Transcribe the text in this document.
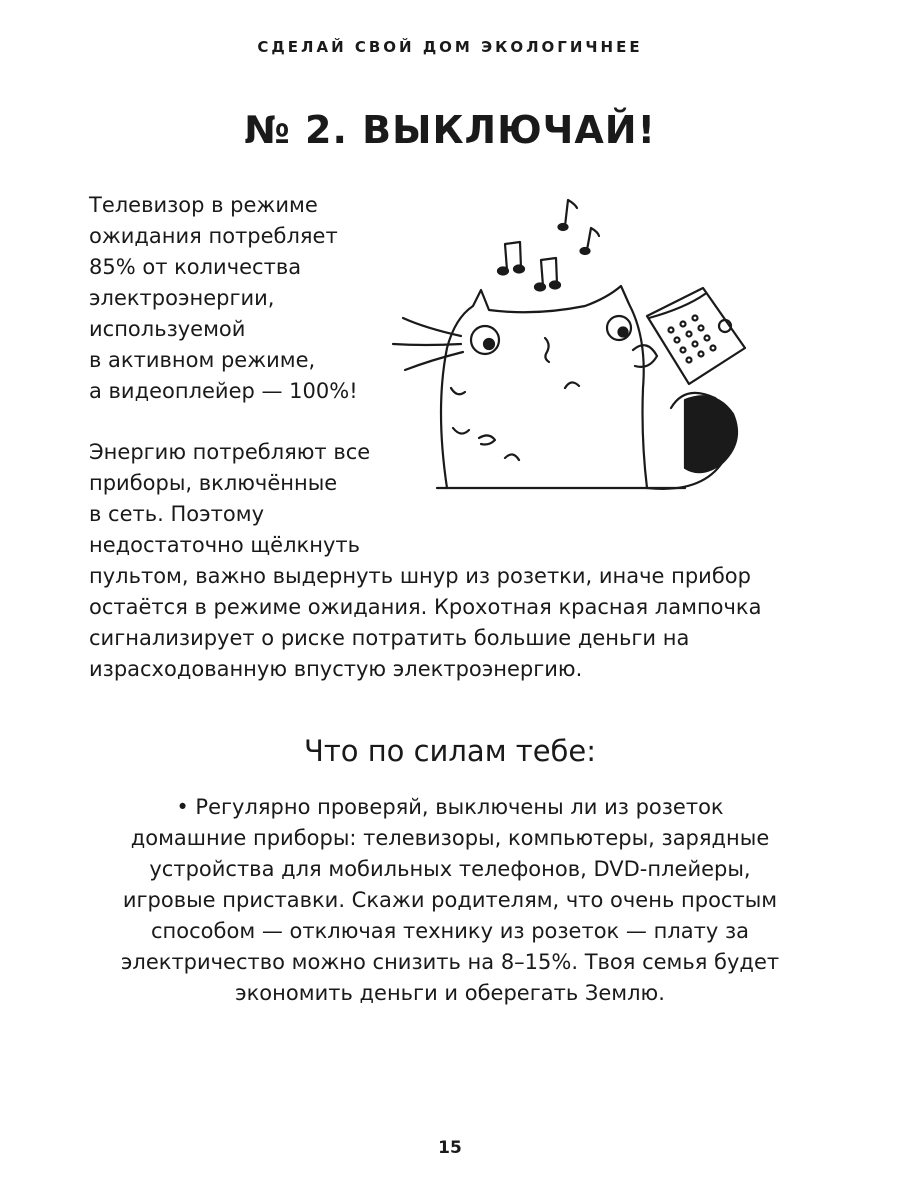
СДЕЛАЙ СВОЙ ДОМ ЭКОЛОГИЧНЕЕ
№ 2. ВЫКЛЮЧАЙ!
Телевизор в режиме
ожидания потребляет
85% от количества
электроэнергии,
используемой
в активном режиме,
а видеоплейер — 100%!
Энергию потребляют все
приборы, включённые
в сеть. Поэтому
недостаточно щёлкнуть
пультом, важно выдернуть шнур из розетки, иначе прибор
остаётся в режиме ожидания. Крохотная красная лампочка
сигнализирует о риске потратить большие деньги на
израсходованную впустую электроэнергию.
Что по силам тебе:
• Регулярно проверяй, выключены ли из розеток
домашние приборы: телевизоры, компьютеры, зарядные
устройства для мобильных телефонов, DVD-плейеры,
игровые приставки. Скажи родителям, что очень простым
способом — отключая технику из розеток — плату за
электричество можно снизить на 8–15%. Твоя семья будет
экономить деньги и оберегать Землю.
15
